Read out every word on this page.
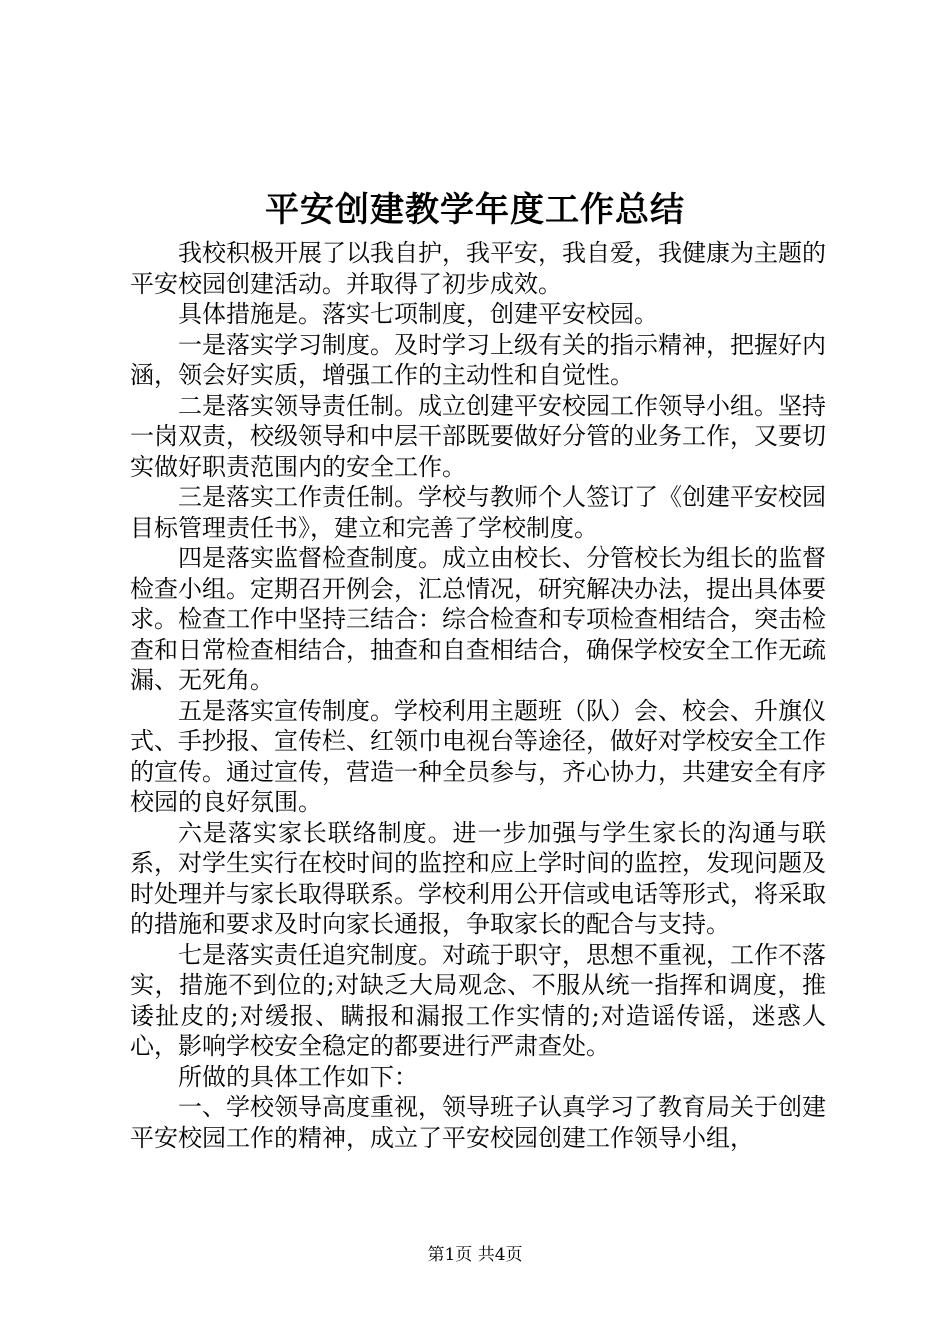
平安创建教学年度工作总结

我校积极开展了以我自护，我平安，我自爱，我健康为主题的平安校园创建活动。并取得了初步成效。

具体措施是。落实七项制度，创建平安校园。

一是落实学习制度。及时学习上级有关的指示精神，把握好内涵，领会好实质，增强工作的主动性和自觉性。

二是落实领导责任制。成立创建平安校园工作领导小组。坚持一岗双责，校级领导和中层干部既要做好分管的业务工作，又要切实做好职责范围内的安全工作。

三是落实工作责任制。学校与教师个人签订了《创建平安校园目标管理责任书》，建立和完善了学校制度。

四是落实监督检查制度。成立由校长、分管校长为组长的监督检查小组。定期召开例会，汇总情况，研究解决办法，提出具体要求。检查工作中坚持三结合：综合检查和专项检查相结合，突击检查和日常检查相结合，抽查和自查相结合，确保学校安全工作无疏漏、无死角。

五是落实宣传制度。学校利用主题班（队）会、校会、升旗仪式、手抄报、宣传栏、红领巾电视台等途径，做好对学校安全工作的宣传。通过宣传，营造一种全员参与，齐心协力，共建安全有序校园的良好氛围。

六是落实家长联络制度。进一步加强与学生家长的沟通与联系，对学生实行在校时间的监控和应上学时间的监控，发现问题及时处理并与家长取得联系。学校利用公开信或电话等形式，将采取的措施和要求及时向家长通报，争取家长的配合与支持。

七是落实责任追究制度。对疏于职守，思想不重视，工作不落实，措施不到位的;对缺乏大局观念、不服从统一指挥和调度，推诿扯皮的;对缓报、瞒报和漏报工作实情的;对造谣传谣，迷惑人心，影响学校安全稳定的都要进行严肃查处。

所做的具体工作如下：

一、学校领导高度重视，领导班子认真学习了教育局关于创建平安校园工作的精神，成立了平安校园创建工作领导小组，

第1页 共4页
